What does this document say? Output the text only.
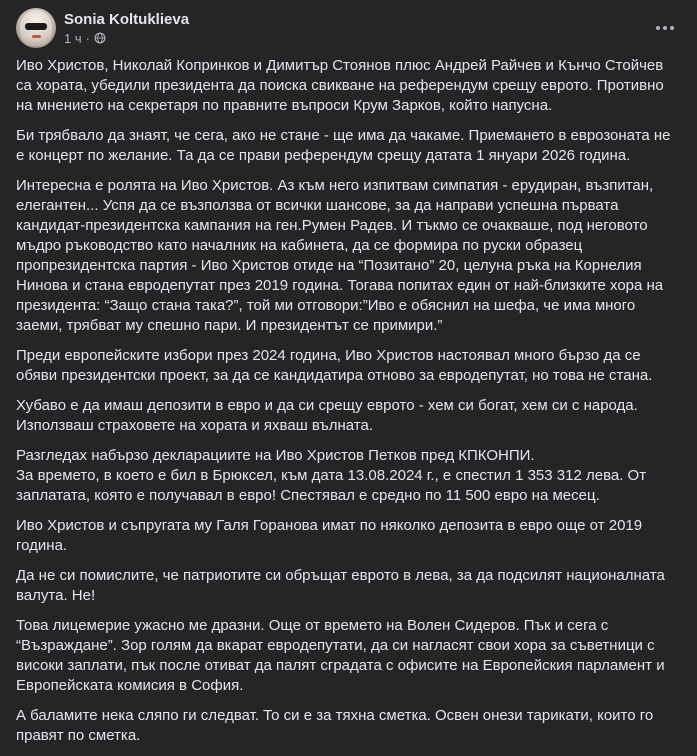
Sonia Koltuklieva
1 ч ·

Иво Христов, Николай Копринков и Димитър Стоянов плюс Андрей Райчев и Кънчо Стойчев са хората, убедили президента да поиска свикване на референдум срещу еврото. Противно на мнението на секретаря по правните въпроси Крум Зарков, който напусна.

Би трябвало да знаят, че сега, ако не стане - ще има да чакаме. Приемането в еврозоната не е концерт по желание. Та да се прави референдум срещу датата 1 януари 2026 година.

Интересна е ролята на Иво Христов. Аз към него изпитвам симпатия - ерудиран, възпитан, елегантен... Успя да се възползва от всички шансове, за да направи успешна първата кандидат-президентска кампания на ген.Румен Радев. И тъкмо се очакваше, под неговото мъдро ръководство като началник на кабинета, да се формира по руски образец пропрезидентска партия - Иво Христов отиде на “Позитано” 20, целуна ръка на Корнелия Нинова и стана евродепутат през 2019 година. Тогава попитах един от най-близките хора на президента: “Защо стана така?”, той ми отговори:”Иво е обяснил на шефа, че има много заеми, трябват му спешно пари. И президентът се примири.”

Преди европейските избори през 2024 година, Иво Христов настоявал много бързо да се обяви президентски проект, за да се кандидатира отново за евродепутат, но това не стана.

Хубаво е да имаш депозити в евро и да си срещу еврото - хем си богат, хем си с народа. Използваш страховете на хората и яхваш вълната.

Разгледах набързо декларациите на Иво Христов Петков пред КПКОНПИ.
За времето, в което е бил в Брюксел, към дата 13.08.2024 г., е спестил 1 353 312 лева. От заплатата, която е получавал в евро! Спестявал е средно по 11 500 евро на месец.

Иво Христов и съпругата му Галя Горанова имат по няколко депозита в евро още от 2019 година.

Да не си помислите, че патриотите си обръщат еврото в лева, за да подсилят националната валута. Не!

Това лицемерие ужасно ме дразни. Още от времето на Волен Сидеров. Пък и сега с “Възраждане”. Зор голям да вкарат евродепутати, да си нагласят свои хора за съветници с високи заплати, пък после отиват да палят сградата с офисите на Европейския парламент и Европейската комисия в София.

А баламите нека сляпо ги следват. То си е за тяхна сметка. Освен онези тарикати, които го правят по сметка.
